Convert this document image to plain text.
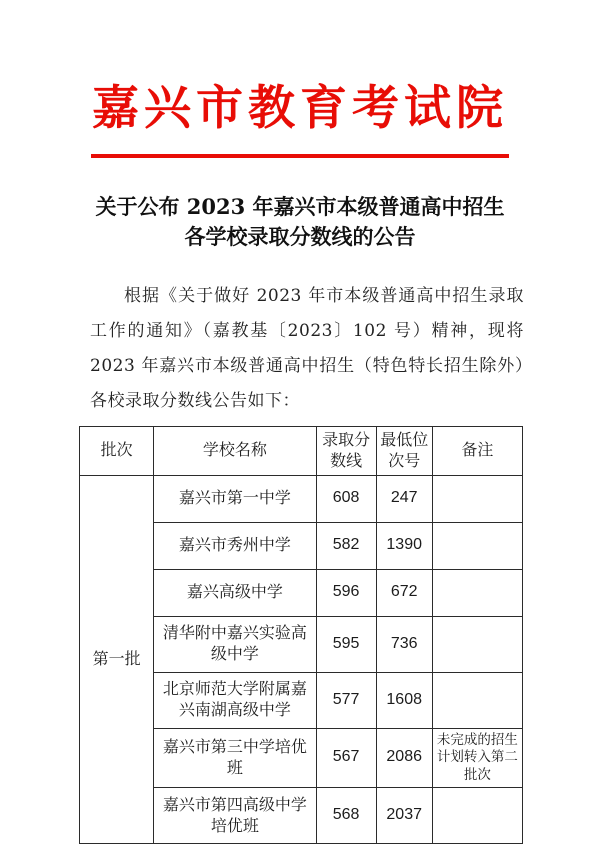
嘉兴市教育考试院
关于公布 2023 年嘉兴市本级普通高中招生
各学校录取分数线的公告

根据《关于做好 2023 年市本级普通高中招生录取工作的通知》（嘉教基〔2023〕102 号）精神，现将 2023 年嘉兴市本级普通高中招生（特色特长招生除外）各校录取分数线公告如下：

批次	学校名称	录取分数线	最低位次号	备注
第一批	嘉兴市第一中学	608	247	
	嘉兴市秀州中学	582	1390	
	嘉兴高级中学	596	672	
	清华附中嘉兴实验高级中学	595	736	
	北京师范大学附属嘉兴南湖高级中学	577	1608	
	嘉兴市第三中学培优班	567	2086	未完成的招生计划转入第二批次
	嘉兴市第四高级中学培优班	568	2037	
